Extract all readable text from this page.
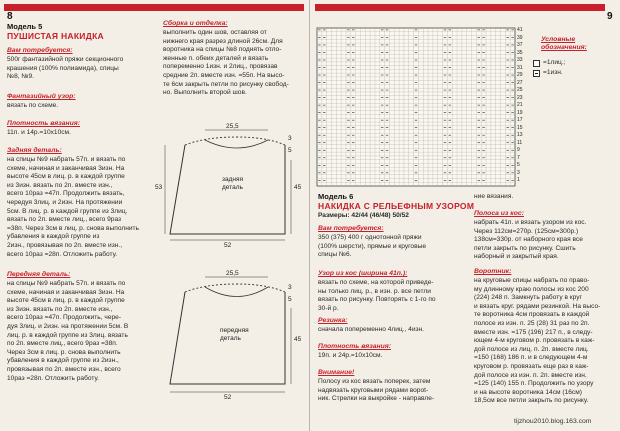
8
Модель 5
ПУШИСТАЯ НАКИДКА
Вам потребуется:
500г фантазийной пряжи секционного
крашения (100% полиамида), спицы
№8, №9.
Фантазийный узор:
вязать по схеме.
Плотность вязания:
11п. и 14р.=10х10см.
Задняя деталь:
на спицы №9 набрать 57п. и вязать по
схеме, начиная и заканчивая 3изн. На
высоте 45см в лиц. р. в каждой группе
из 3изн. вязать по 2п. вместе изн.,
всего 10раз =47п. Продолжить вязать,
чередуя 3лиц. и 2изн. На протяжении
5см. В лиц. р. в каждой группе из 3лиц.
вязать по 2п. вместе лиц., всего 9раз
=38п. Через 3см в лиц. р. снова выполнить
убавления в каждой группе из
2изн., провязывая по 2п. вместе изн.,
всего 10раз =28п. Отложить работу.
Передняя деталь:
на спицы №9 набрать 57п. и вязать по
схеме, начиная и заканчивая 3изн. На
высоте 45см в лиц. р. в каждой группе
из 3изн. вязать по 2п. вместе изн.,
всего 10раз =47п. Продолжить, чере-
дуя 3лиц. и 2изн. на протяжении 5см. В
лиц. р. в каждой группе из 3лиц. вязать
по 2п. вместе лиц., всего 9раз =38п.
Через 3см в лиц. р. снова выполнить
убавления в каждой группе из 2изн.,
провязывая по 2п. вместе изн., всего
10раз =28п. Отложить работу.
Сборка и отделка:
выполнить один шов, оставляя от
нижнего края разрез длиной 26см. Для
воротника на спицы №8 поднять отло-
женные п. обеих деталей и вязать
попеременно 1изн. и 2лиц., провязав
средние 2п. вместе изн. =55п. На высо-
те 6см закрыть петли по рисунку свобод-
но. Выполнить второй шов.
25,5
3
5
53	45
задняя
деталь
52
25,5
3
5
45
передняя
деталь
52
9
41
39
37
35
33
31
29
27
25
23
21
19
17
15
13
11
9
7
5
3
1
Условные
обозначения:
=1лиц.;
=1изн.
Модель 6
НАКИДКА С РЕЛЬЕФНЫМ УЗОРОМ
Размеры: 42/44 (46/48) 50/52
Вам потребуется:
350 (375) 400 г однотонной пряжи
(100% шерсти), прямые и круговые
спицы №6.
Узор из кос (ширина 41п.):
вязать по схеме, на которой приведе-
ны только лиц. р., в изн. р. все петли
вязать по рисунку. Повторять с 1-го по
30-й р.
Резинка:
сначала попеременно 4лиц., 4изн.
Плотность вязания:
19п. и 24р.=10х10см.
Внимание!
Полосу из кос вязать поперек, затем
надвязать круговыми рядами вороt-
ник. Стрелки на выкройке - направле-
ние вязания.
Полоса из кос:
набрать 41п. и вязать узором из кос.
Через 112см=270р. (125см=300р.)
138см=330р. от наборного края все
петли закрыть по рисунку. Сшить
наборный и закрытый края.
Воротник:
на круговые спицы набрать по право-
му длинному краю полосы из кос 200
(224) 248 п. Замкнуть работу в круг
и вязать круг. рядами резинкой. На высо-
те воротника 4см провязать в каждой
полосе из изн. п. 25 (28) 31 раз по 2п.
вместе изн. =175 (196) 217 п., в следу-
ющем 4-м круговом р. провязать в каж-
дой полосе из лиц. п. 2п. вместе лиц.
=150 (168) 186 п. и в следующем 4-м
круговом р. провязать еще раз в каж-
дой полосе из изн. п. 2п. вместе изн.
=125 (140) 155 п. Продолжить по узору
и на высоте воротника 14см (16см)
18,5см все петли закрыть по рисунку.
tijzhou2010.blog.163.com
